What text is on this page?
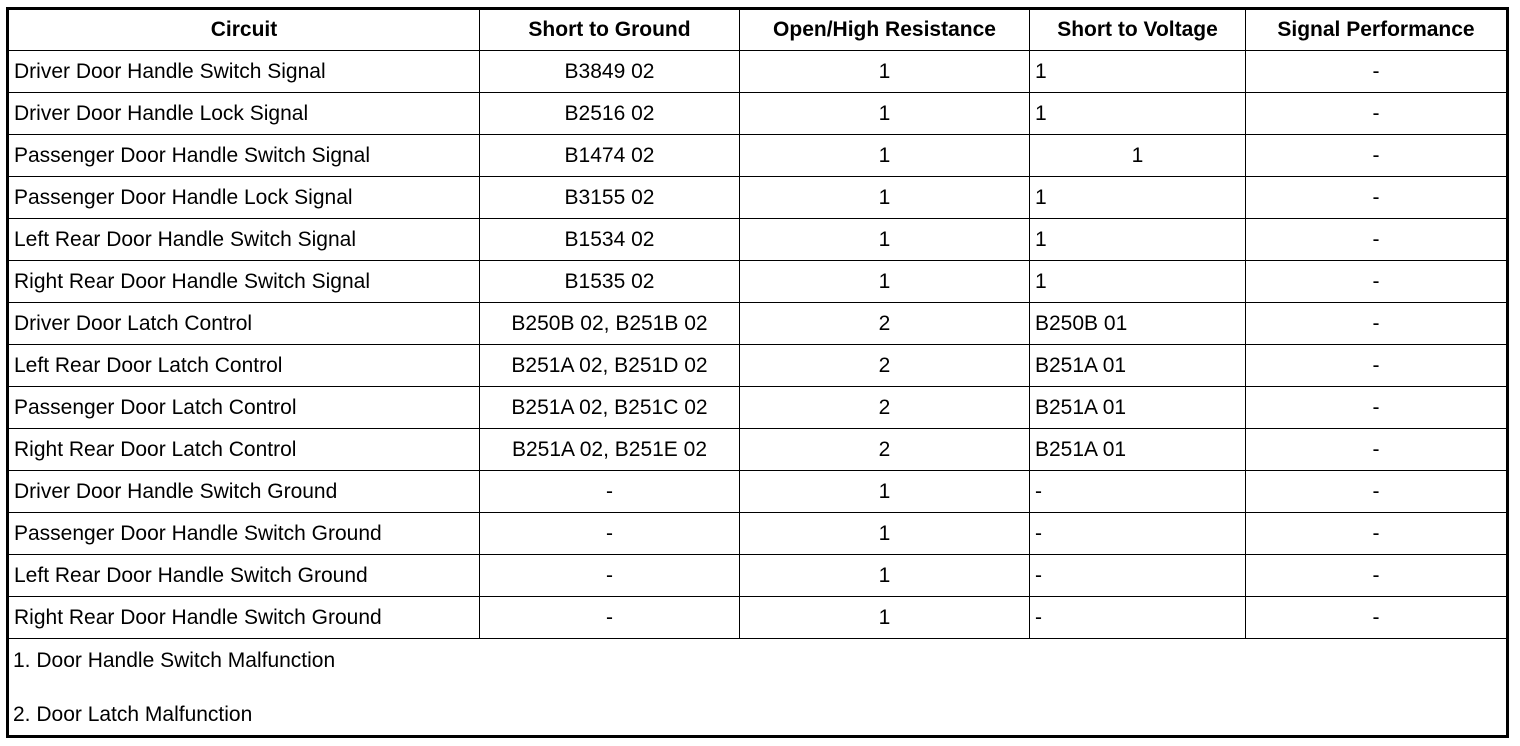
Circuit	Short to Ground	Open/High Resistance	Short to Voltage	Signal Performance
Driver Door Handle Switch Signal	B3849 02	1	1	-
Driver Door Handle Lock Signal	B2516 02	1	1	-
Passenger Door Handle Switch Signal	B1474 02	1	1	-
Passenger Door Handle Lock Signal	B3155 02	1	1	-
Left Rear Door Handle Switch Signal	B1534 02	1	1	-
Right Rear Door Handle Switch Signal	B1535 02	1	1	-
Driver Door Latch Control	B250B 02, B251B 02	2	B250B 01	-
Left Rear Door Latch Control	B251A 02, B251D 02	2	B251A 01	-
Passenger Door Latch Control	B251A 02, B251C 02	2	B251A 01	-
Right Rear Door Latch Control	B251A 02, B251E 02	2	B251A 01	-
Driver Door Handle Switch Ground	-	1	-	-
Passenger Door Handle Switch Ground	-	1	-	-
Left Rear Door Handle Switch Ground	-	1	-	-
Right Rear Door Handle Switch Ground	-	1	-	-

1. Door Handle Switch Malfunction
2. Door Latch Malfunction				
